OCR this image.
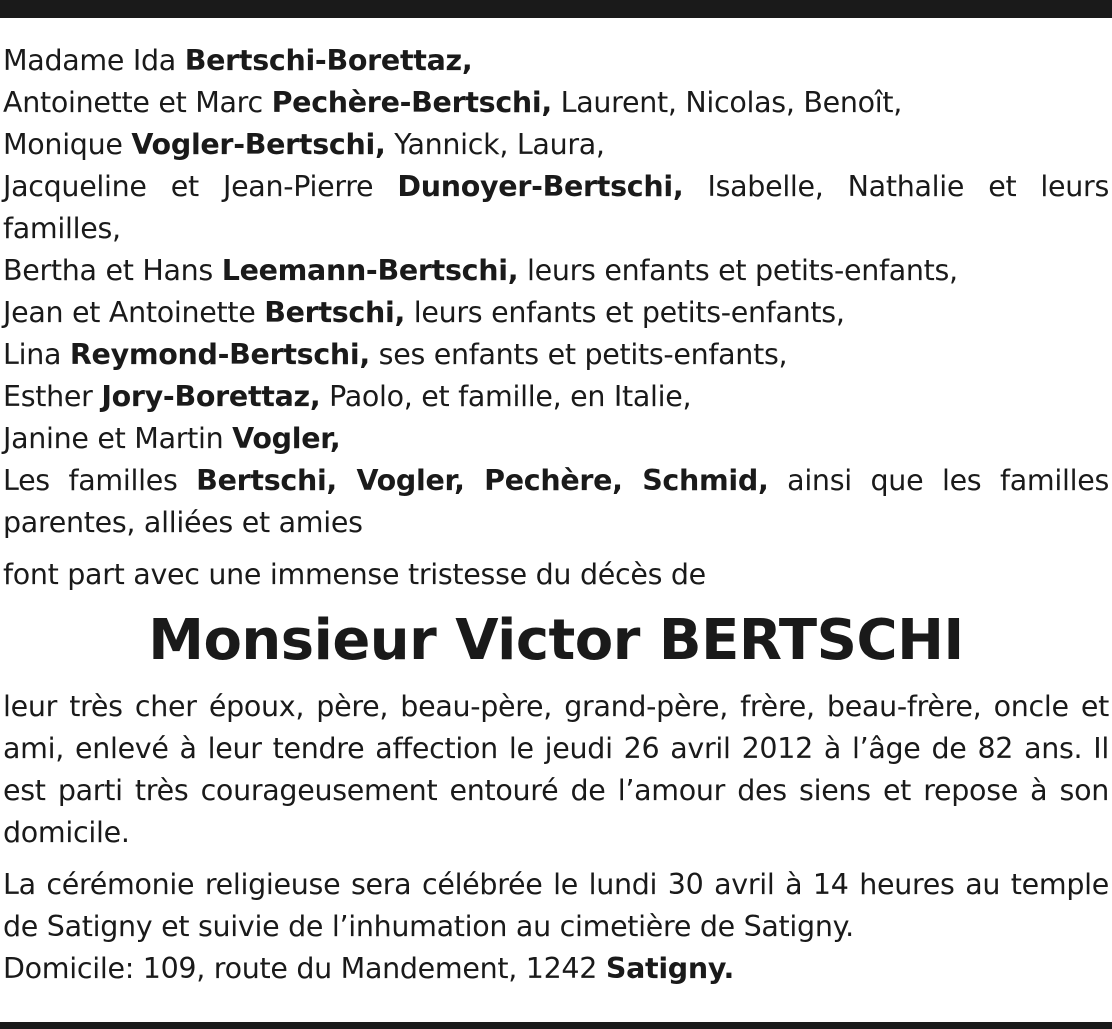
Madame Ida Bertschi-Borettaz,
Antoinette et Marc Pechère-Bertschi, Laurent, Nicolas, Benoît,
Monique Vogler-Bertschi, Yannick, Laura,
Jacqueline et Jean-Pierre Dunoyer-Bertschi, Isabelle, Nathalie et leurs familles,
Bertha et Hans Leemann-Bertschi, leurs enfants et petits-enfants,
Jean et Antoinette Bertschi, leurs enfants et petits-enfants,
Lina Reymond-Bertschi, ses enfants et petits-enfants,
Esther Jory-Borettaz, Paolo, et famille, en Italie,
Janine et Martin Vogler,
Les familles Bertschi, Vogler, Pechère, Schmid, ainsi que les familles parentes, alliées et amies
font part avec une immense tristesse du décès de
Monsieur Victor BERTSCHI
leur très cher époux, père, beau-père, grand-père, frère, beau-frère, oncle et ami, enlevé à leur tendre affection le jeudi 26 avril 2012 à l’âge de 82 ans. Il est parti très courageusement entouré de l’amour des siens et repose à son domicile.
La cérémonie religieuse sera célébrée le lundi 30 avril à 14 heures au temple de Satigny et suivie de l’inhumation au cimetière de Satigny.
Domicile: 109, route du Mandement, 1242 Satigny.
